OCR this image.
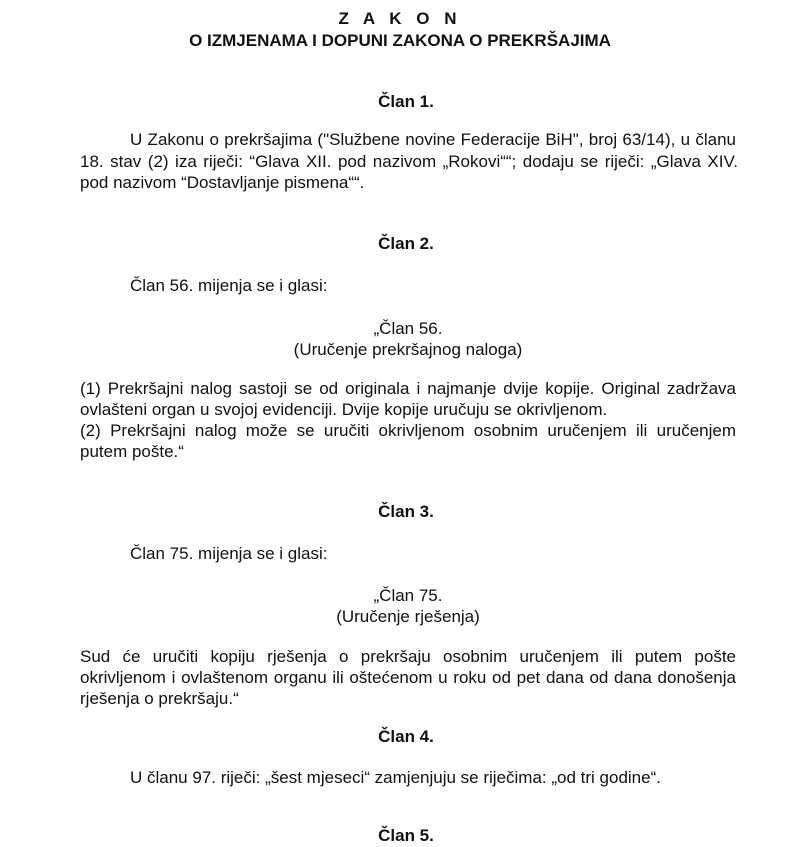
Z A K O N
O IZMJENAMA I DOPUNI ZAKONA O PREKRŠAJIMA
Član 1.
U Zakonu o prekršajima ("Službene novine Federacije BiH", broj 63/14), u članu
18. stav (2) iza riječi: “Glava XII. pod nazivom „Rokovi““; dodaju se riječi: „Glava XIV.
pod nazivom “Dostavljanje pismena““.
Član 2.
Član 56. mijenja se i glasi:
„Član 56.
(Uručenje prekršajnog naloga)
(1) Prekršajni nalog sastoji se od originala i najmanje dvije kopije. Original zadržava
ovlašteni organ u svojoj evidenciji. Dvije kopije uručuju se okrivljenom.
(2) Prekršajni nalog može se uručiti okrivljenom osobnim uručenjem ili uručenjem
putem pošte.“
Član 3.
Član 75. mijenja se i glasi:
„Član 75.
(Uručenje rješenja)
Sud će uručiti kopiju rješenja o prekršaju osobnim uručenjem ili putem pošte
okrivljenom i ovlaštenom organu ili oštećenom u roku od pet dana od dana donošenja
rješenja o prekršaju.“
Član 4.
U članu 97. riječi: „šest mjeseci“ zamjenjuju se riječima: „od tri godine“.
Član 5.
